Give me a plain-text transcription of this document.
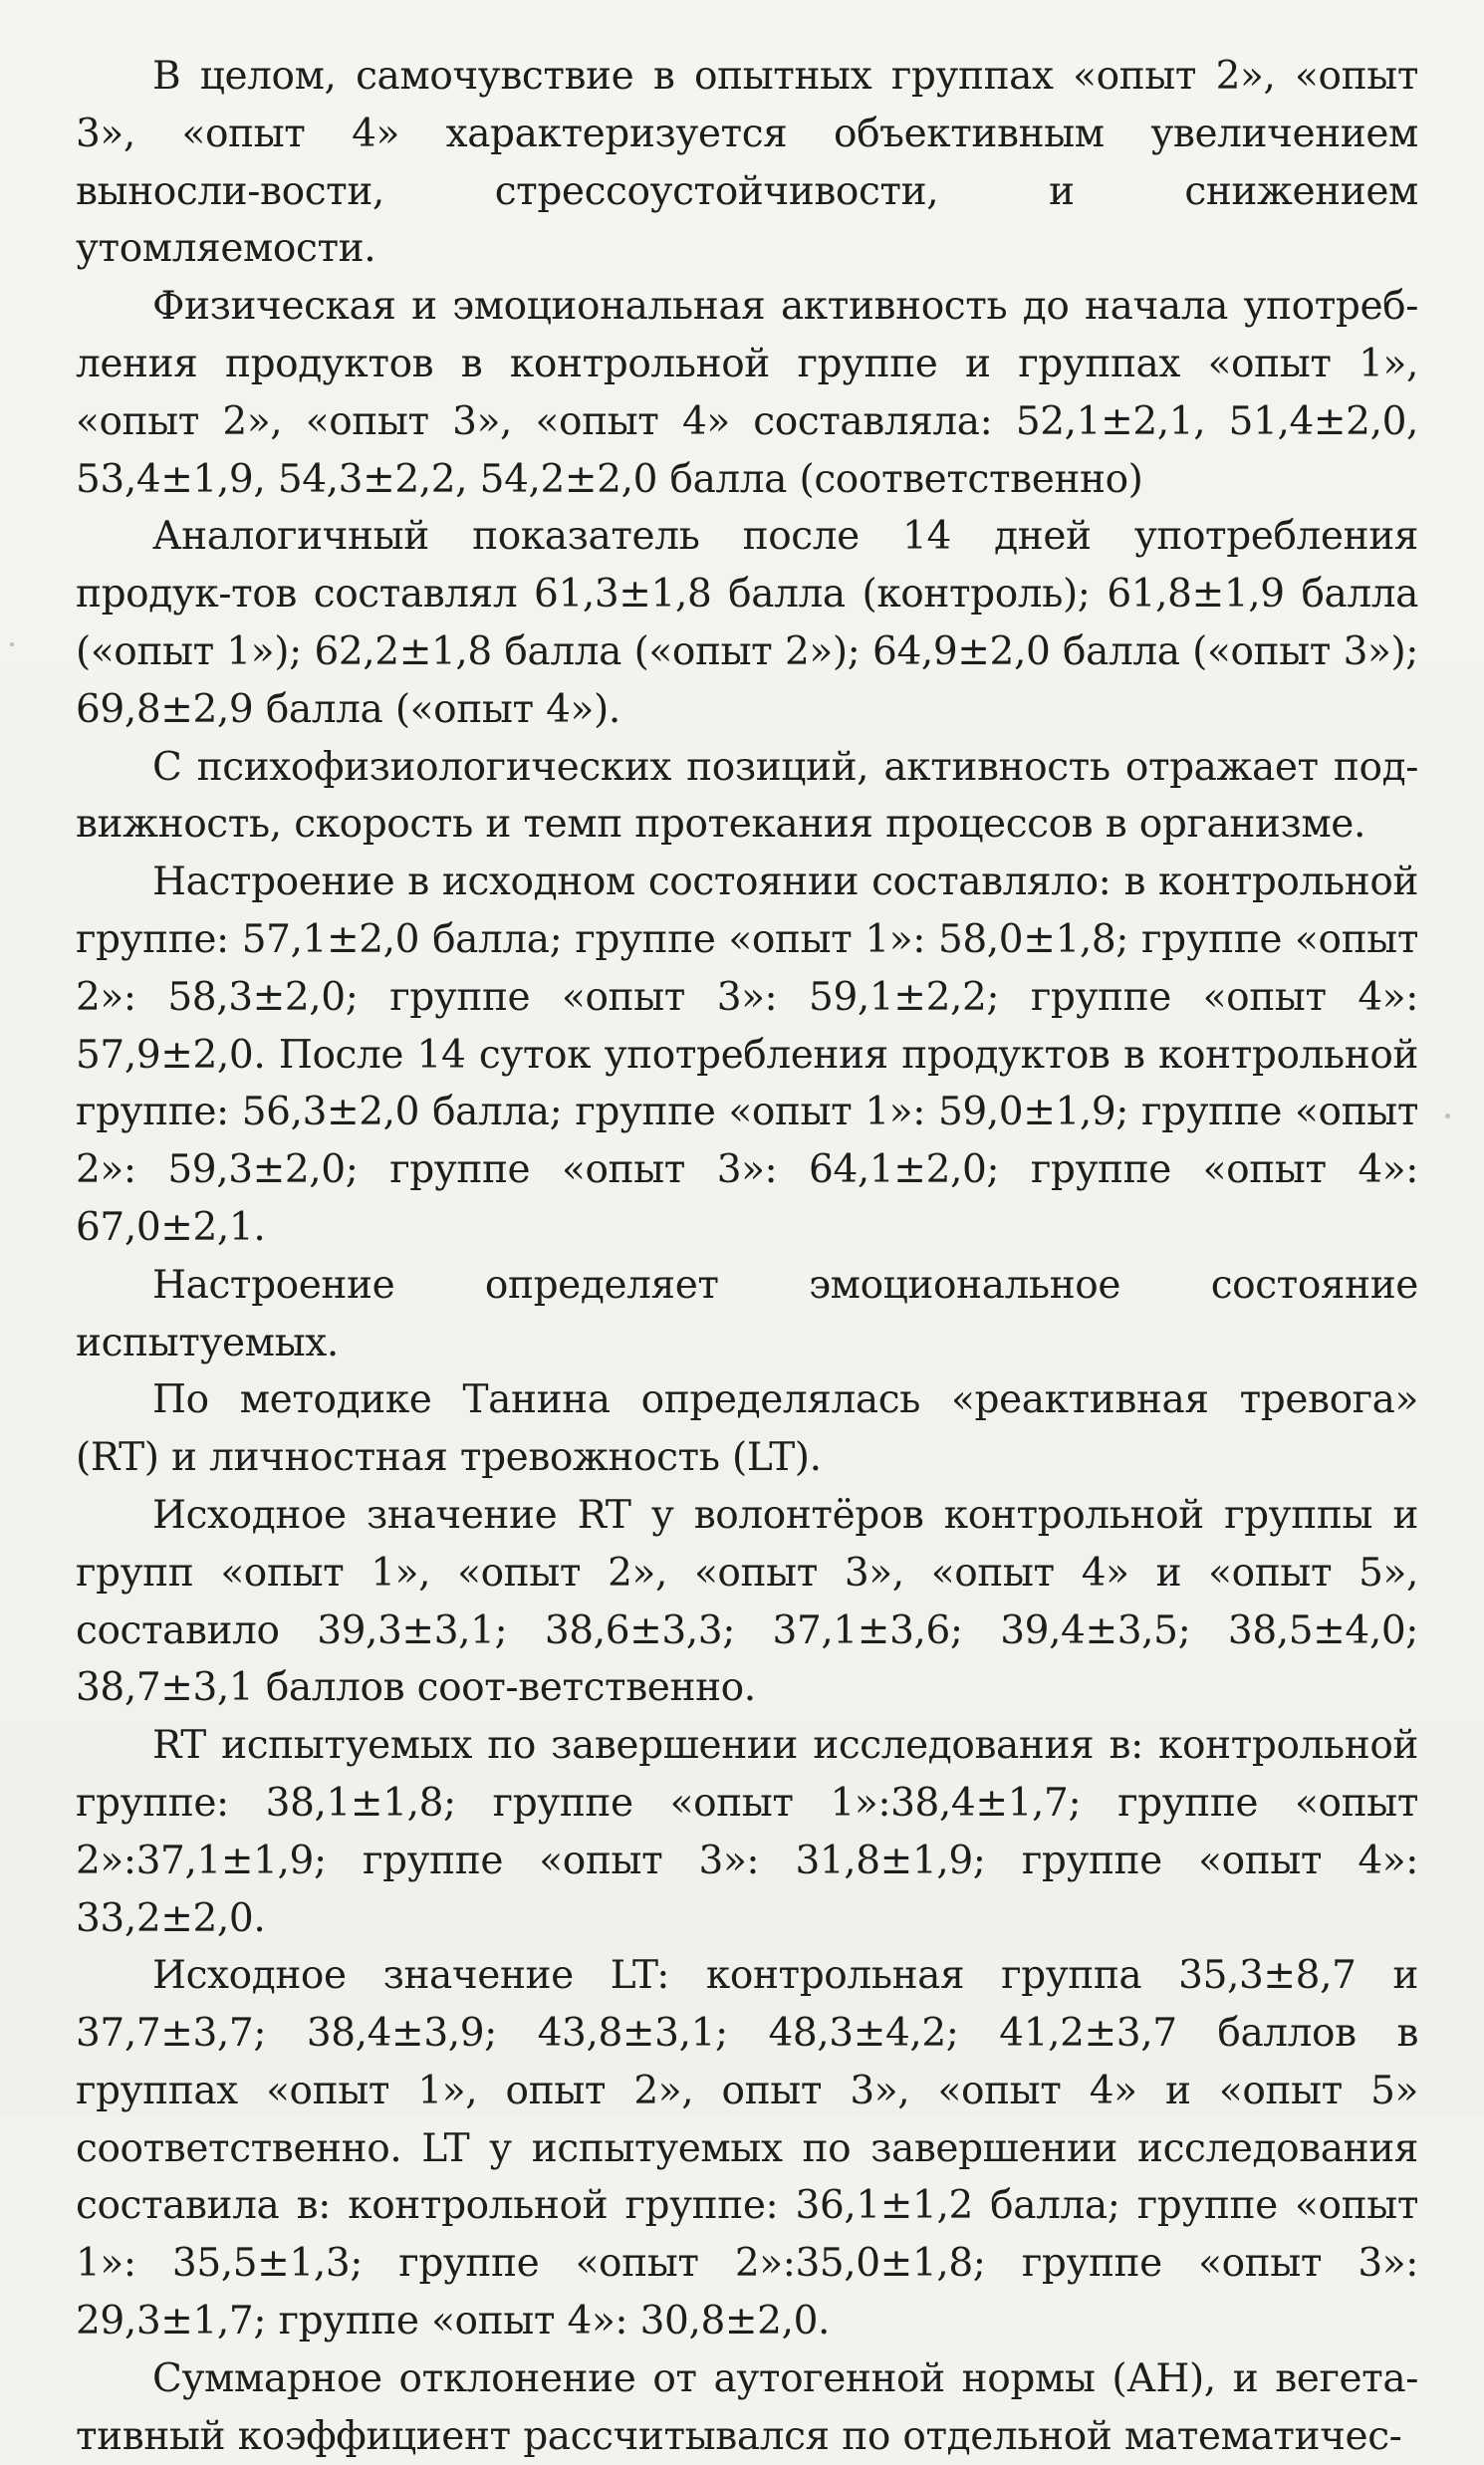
В целом, самочувствие в опытных группах «опыт 2», «опыт 3», «опыт 4» характеризуется объективным увеличением выносли-вости, стрессоустойчивости, и снижением утомляемости.

Физическая и эмоциональная активность до начала употреб-ления продуктов в контрольной группе и группах «опыт 1», «опыт 2», «опыт 3», «опыт 4» составляла: 52,1±2,1, 51,4±2,0, 53,4±1,9, 54,3±2,2, 54,2±2,0 балла (соответственно)

Аналогичный показатель после 14 дней употребления продук-тов составлял 61,3±1,8 балла (контроль); 61,8±1,9 балла («опыт 1»); 62,2±1,8 балла («опыт 2»); 64,9±2,0 балла («опыт 3»); 69,8±2,9 балла («опыт 4»).

С психофизиологических позиций, активность отражает под-вижность, скорость и темп протекания процессов в организме.

Настроение в исходном состоянии составляло: в контрольной группе: 57,1±2,0 балла; группе «опыт 1»: 58,0±1,8; группе «опыт 2»: 58,3±2,0; группе «опыт 3»: 59,1±2,2; группе «опыт 4»: 57,9±2,0. После 14 суток употребления продуктов в контрольной группе: 56,3±2,0 балла; группе «опыт 1»: 59,0±1,9; группе «опыт 2»: 59,3±2,0; группе «опыт 3»: 64,1±2,0; группе «опыт 4»: 67,0±2,1.

Настроение определяет эмоциональное состояние испытуемых.

По методике Танина определялась «реактивная тревога» (RT) и личностная тревожность (LT).

Исходное значение RT у волонтёров контрольной группы и групп «опыт 1», «опыт 2», «опыт 3», «опыт 4» и «опыт 5», составило 39,3±3,1; 38,6±3,3; 37,1±3,6; 39,4±3,5; 38,5±4,0; 38,7±3,1 баллов соот-ветственно.

RT испытуемых по завершении исследования в: контрольной группе: 38,1±1,8; группе «опыт 1»:38,4±1,7; группе «опыт 2»:37,1±1,9; группе «опыт 3»: 31,8±1,9; группе «опыт 4»: 33,2±2,0.

Исходное значение LT: контрольная группа 35,3±8,7 и 37,7±3,7; 38,4±3,9; 43,8±3,1; 48,3±4,2; 41,2±3,7 баллов в группах «опыт 1», опыт 2», опыт 3», «опыт 4» и «опыт 5» соответственно. LT у испытуемых по завершении исследования составила в: контрольной группе: 36,1±1,2 балла; группе «опыт 1»: 35,5±1,3; группе «опыт 2»:35,0±1,8; группе «опыт 3»: 29,3±1,7; группе «опыт 4»: 30,8±2,0.

Суммарное отклонение от аутогенной нормы (АН), и вегета-тивный коэффициент рассчитывался по отдельной математичес-
